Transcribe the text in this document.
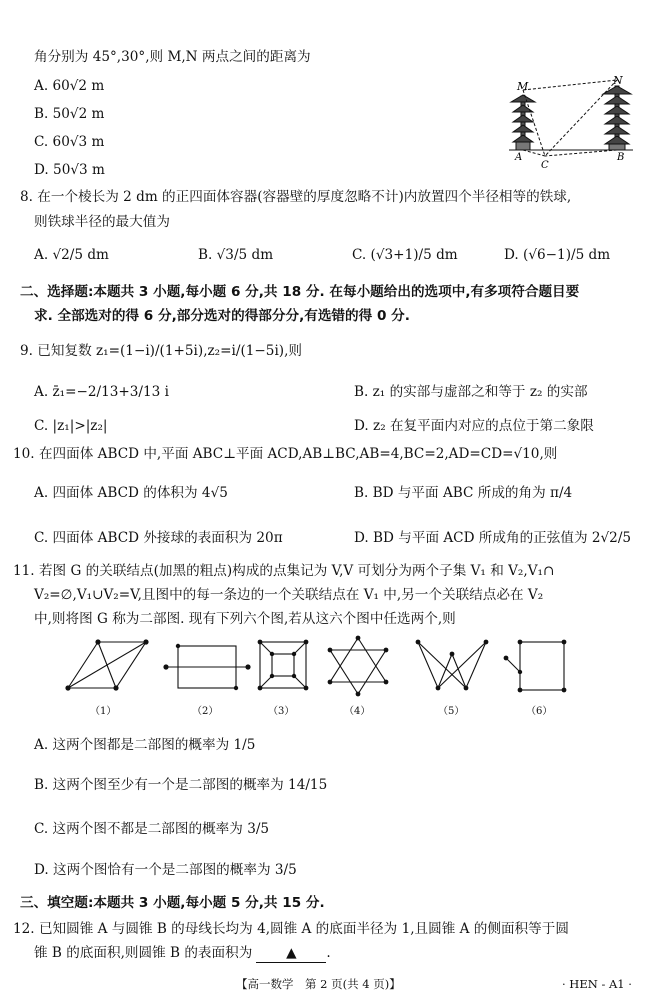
角分别为 45°,30°,则 M,N 两点之间的距离为
A. 60√2 m
B. 50√2 m
C. 60√3 m
D. 50√3 m
M	N
A
C
B
8. 在一个棱长为 2 dm 的正四面体容器(容器壁的厚度忽略不计)内放置四个半径相等的铁球,
则铁球半径的最大值为
A. √2/5 dm	B. √3/5 dm	C. (√3+1)/5 dm	D. (√6−1)/5 dm
二、选择题:本题共 3 小题,每小题 6 分,共 18 分. 在每小题给出的选项中,有多项符合题目要
求. 全部选对的得 6 分,部分选对的得部分分,有选错的得 0 分.
9. 已知复数 z₁=(1−i)/(1+5i),z₂=i/(1−5i),则
A. z̄₁=−2/13+3/13 i	B. z₁ 的实部与虚部之和等于 z₂ 的实部
C. |z₁|>|z₂|	D. z₂ 在复平面内对应的点位于第二象限
10. 在四面体 ABCD 中,平面 ABC⊥平面 ACD,AB⊥BC,AB=4,BC=2,AD=CD=√10,则
A. 四面体 ABCD 的体积为 4√5	B. BD 与平面 ABC 所成的角为 π/4
C. 四面体 ABCD 外接球的表面积为 20π	D. BD 与平面 ACD 所成角的正弦值为 2√2/5
11. 若图 G 的关联结点(加黑的粗点)构成的点集记为 V,V 可划分为两个子集 V₁ 和 V₂,V₁∩
V₂=∅,V₁∪V₂=V,且图中的每一条边的一个关联结点在 V₁ 中,另一个关联结点必在 V₂
中,则将图 G 称为二部图. 现有下列六个图,若从这六个图中任选两个,则
（1）	（2）	（3）	（4）	（5）	（6）
A. 这两个图都是二部图的概率为 1/5
B. 这两个图至少有一个是二部图的概率为 14/15
C. 这两个图不都是二部图的概率为 3/5
D. 这两个图恰有一个是二部图的概率为 3/5
三、填空题:本题共 3 小题,每小题 5 分,共 15 分.
12. 已知圆锥 A 与圆锥 B 的母线长均为 4,圆锥 A 的底面半径为 1,且圆锥 A 的侧面积等于圆
锥 B 的底面积,则圆锥 B 的表面积为 ▲ .
【高一数学　第 2 页(共 4 页)】	· HEN - A1 ·
